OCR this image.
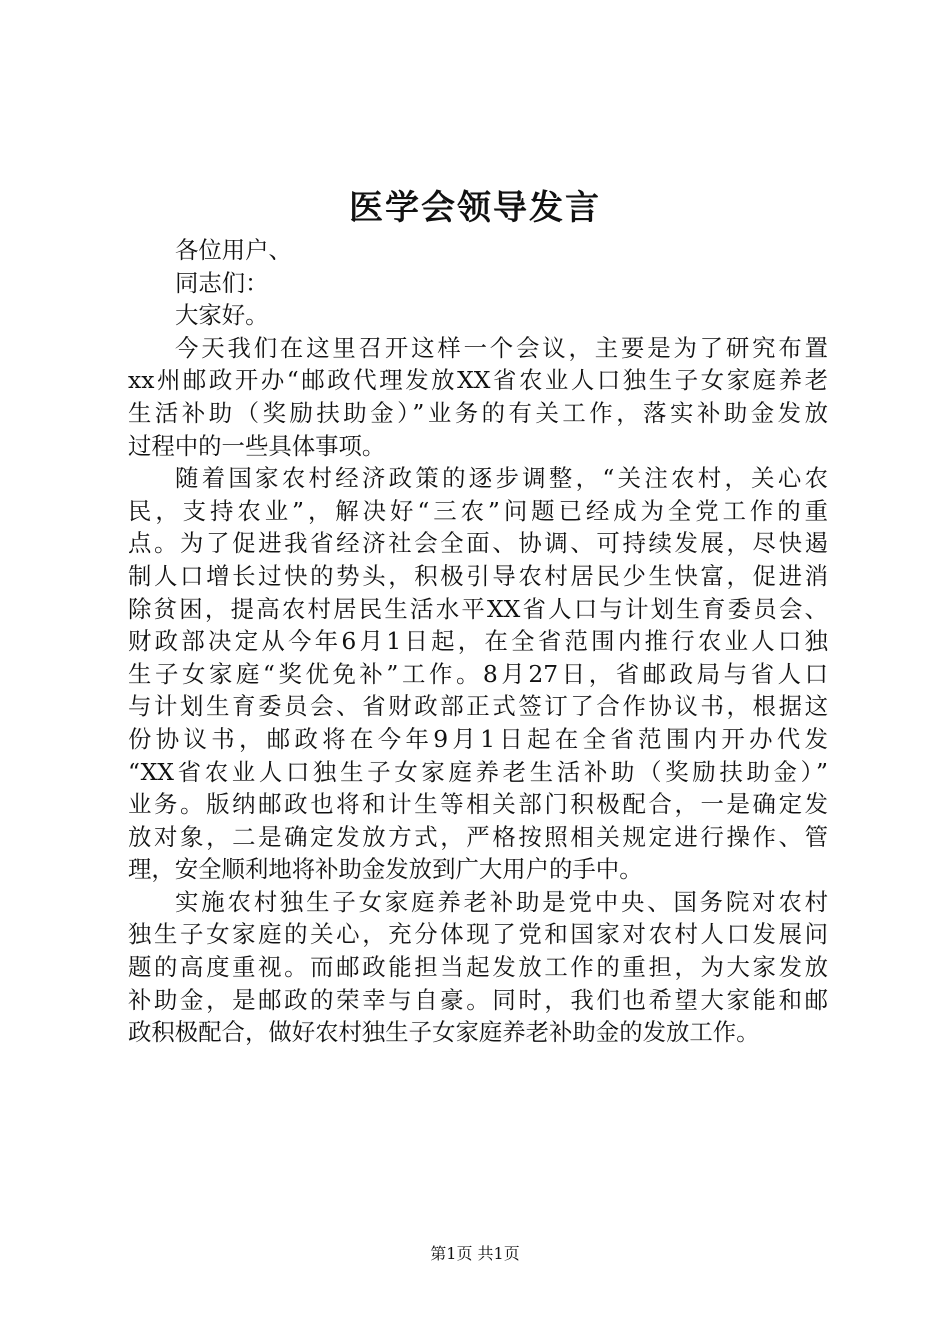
医学会领导发言
各位用户、
同志们：
大家好。
今天我们在这里召开这样一个会议，主要是为了研究布置
xx州邮政开办“邮政代理发放XX省农业人口独生子女家庭养老
生活补助（奖励扶助金）”业务的有关工作，落实补助金发放
过程中的一些具体事项。
随着国家农村经济政策的逐步调整，“关注农村，关心农
民，支持农业”，解决好“三农”问题已经成为全党工作的重
点。为了促进我省经济社会全面、协调、可持续发展，尽快遏
制人口增长过快的势头，积极引导农村居民少生快富，促进消
除贫困，提高农村居民生活水平XX省人口与计划生育委员会、
财政部决定从今年6月1日起，在全省范围内推行农业人口独
生子女家庭“奖优免补”工作。8月27日，省邮政局与省人口
与计划生育委员会、省财政部正式签订了合作协议书，根据这
份协议书，邮政将在今年9月1日起在全省范围内开办代发
“XX省农业人口独生子女家庭养老生活补助（奖励扶助金）”
业务。版纳邮政也将和计生等相关部门积极配合，一是确定发
放对象，二是确定发放方式，严格按照相关规定进行操作、管
理，安全顺利地将补助金发放到广大用户的手中。
实施农村独生子女家庭养老补助是党中央、国务院对农村
独生子女家庭的关心，充分体现了党和国家对农村人口发展问
题的高度重视。而邮政能担当起发放工作的重担，为大家发放
补助金，是邮政的荣幸与自豪。同时，我们也希望大家能和邮
政积极配合，做好农村独生子女家庭养老补助金的发放工作。
第1页 共1页
